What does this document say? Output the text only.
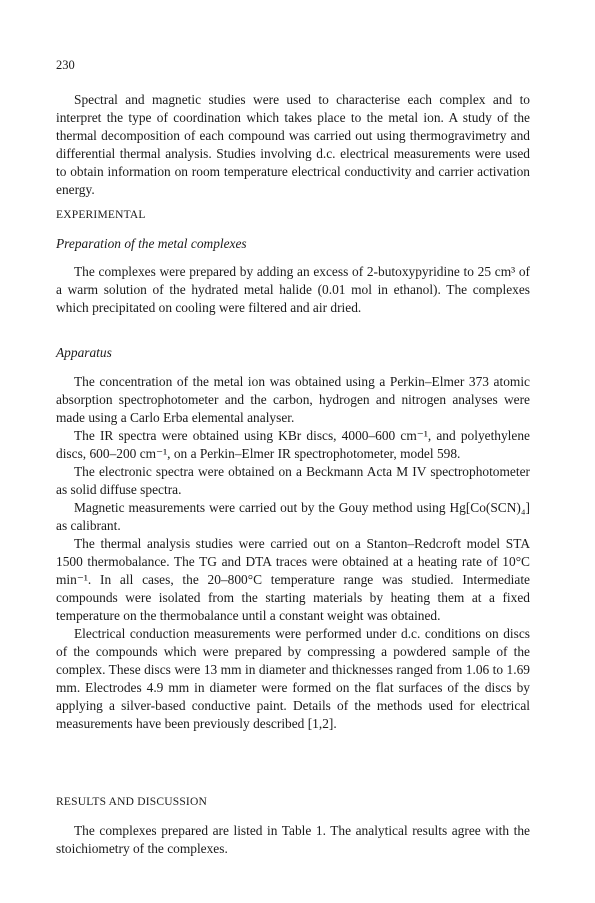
230

Spectral and magnetic studies were used to characterise each complex and to interpret the type of coordination which takes place to the metal ion. A study of the thermal decomposition of each compound was carried out using thermogravimetry and differential thermal analysis. Studies involving d.c. electrical measurements were used to obtain information on room temperature electrical conductivity and carrier activation energy.

EXPERIMENTAL
Preparation of the metal complexes

The complexes were prepared by adding an excess of 2-butoxypyridine to 25 cm³ of a warm solution of the hydrated metal halide (0.01 mol in ethanol). The complexes which precipitated on cooling were filtered and air dried.

Apparatus

The concentration of the metal ion was obtained using a Perkin–Elmer 373 atomic absorption spectrophotometer and the carbon, hydrogen and nitrogen analyses were made using a Carlo Erba elemental analyser.

The IR spectra were obtained using KBr discs, 4000–600 cm⁻¹, and polyethylene discs, 600–200 cm⁻¹, on a Perkin–Elmer IR spectrophotometer, model 598.

The electronic spectra were obtained on a Beckmann Acta M IV spectrophotometer as solid diffuse spectra.

Magnetic measurements were carried out by the Gouy method using Hg[Co(SCN)₄] as calibrant.

The thermal analysis studies were carried out on a Stanton–Redcroft model STA 1500 thermobalance. The TG and DTA traces were obtained at a heating rate of 10°C min⁻¹. In all cases, the 20–800°C temperature range was studied. Intermediate compounds were isolated from the starting materials by heating them at a fixed temperature on the thermobalance until a constant weight was obtained.

Electrical conduction measurements were performed under d.c. conditions on discs of the compounds which were prepared by compressing a powdered sample of the complex. These discs were 13 mm in diameter and thicknesses ranged from 1.06 to 1.69 mm. Electrodes 4.9 mm in diameter were formed on the flat surfaces of the discs by applying a silver-based conductive paint. Details of the methods used for electrical measurements have been previously described [1,2].

RESULTS AND DISCUSSION

The complexes prepared are listed in Table 1. The analytical results agree with the stoichiometry of the complexes.
